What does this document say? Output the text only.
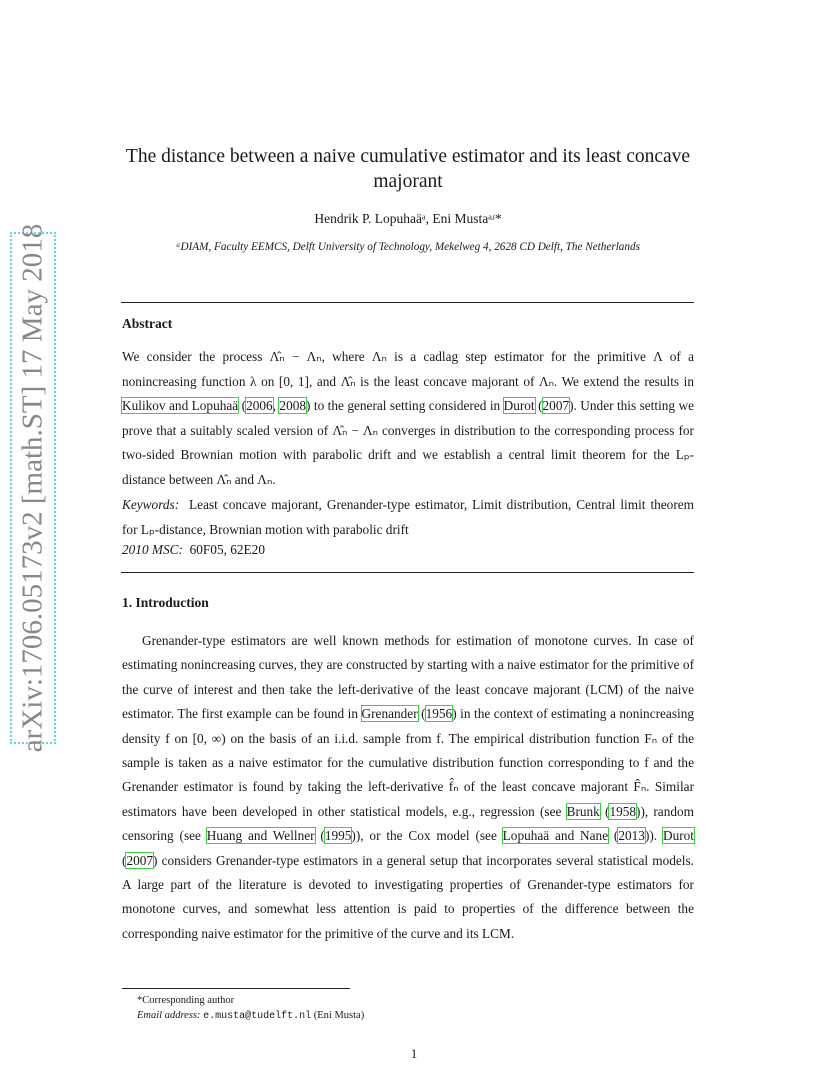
arXiv:1706.05173v2 [math.ST] 17 May 2018
The distance between a naive cumulative estimator and its least concave majorant
Hendrik P. Lopuhaäᵃ, Eni Mustaᵃʴ*
ᵃDIAM, Faculty EEMCS, Delft University of Technology, Mekelweg 4, 2628 CD Delft, The Netherlands
Abstract
We consider the process Λ̂ₙ − Λₙ, where Λₙ is a cadlag step estimator for the primitive Λ of a nonincreasing function λ on [0, 1], and Λ̂ₙ is the least concave majorant of Λₙ. We extend the results in Kulikov and Lopuhaä (2006, 2008) to the general setting considered in Durot (2007). Under this setting we prove that a suitably scaled version of Λ̂ₙ − Λₙ converges in distribution to the corresponding process for two-sided Brownian motion with parabolic drift and we establish a central limit theorem for the Lₚ-distance between Λ̂ₙ and Λₙ.
Keywords: Least concave majorant, Grenander-type estimator, Limit distribution, Central limit theorem for Lₚ-distance, Brownian motion with parabolic drift
2010 MSC: 60F05, 62E20
1. Introduction
Grenander-type estimators are well known methods for estimation of monotone curves. In case of estimating nonincreasing curves, they are constructed by starting with a naive estimator for the primitive of the curve of interest and then take the left-derivative of the least concave majorant (LCM) of the naive estimator. The first example can be found in Grenander (1956) in the context of estimating a nonincreasing density f on [0, ∞) on the basis of an i.i.d. sample from f. The empirical distribution function Fₙ of the sample is taken as a naive estimator for the cumulative distribution function corresponding to f and the Grenander estimator is found by taking the left-derivative f̂ₙ of the least concave majorant F̂ₙ. Similar estimators have been developed in other statistical models, e.g., regression (see Brunk (1958)), random censoring (see Huang and Wellner (1995)), or the Cox model (see Lopuhaä and Nane (2013)). Durot (2007) considers Grenander-type estimators in a general setup that incorporates several statistical models. A large part of the literature is devoted to investigating properties of Grenander-type estimators for monotone curves, and somewhat less attention is paid to properties of the difference between the corresponding naive estimator for the primitive of the curve and its LCM.
*Corresponding author
Email address: e.musta@tudelft.nl (Eni Musta)
1
